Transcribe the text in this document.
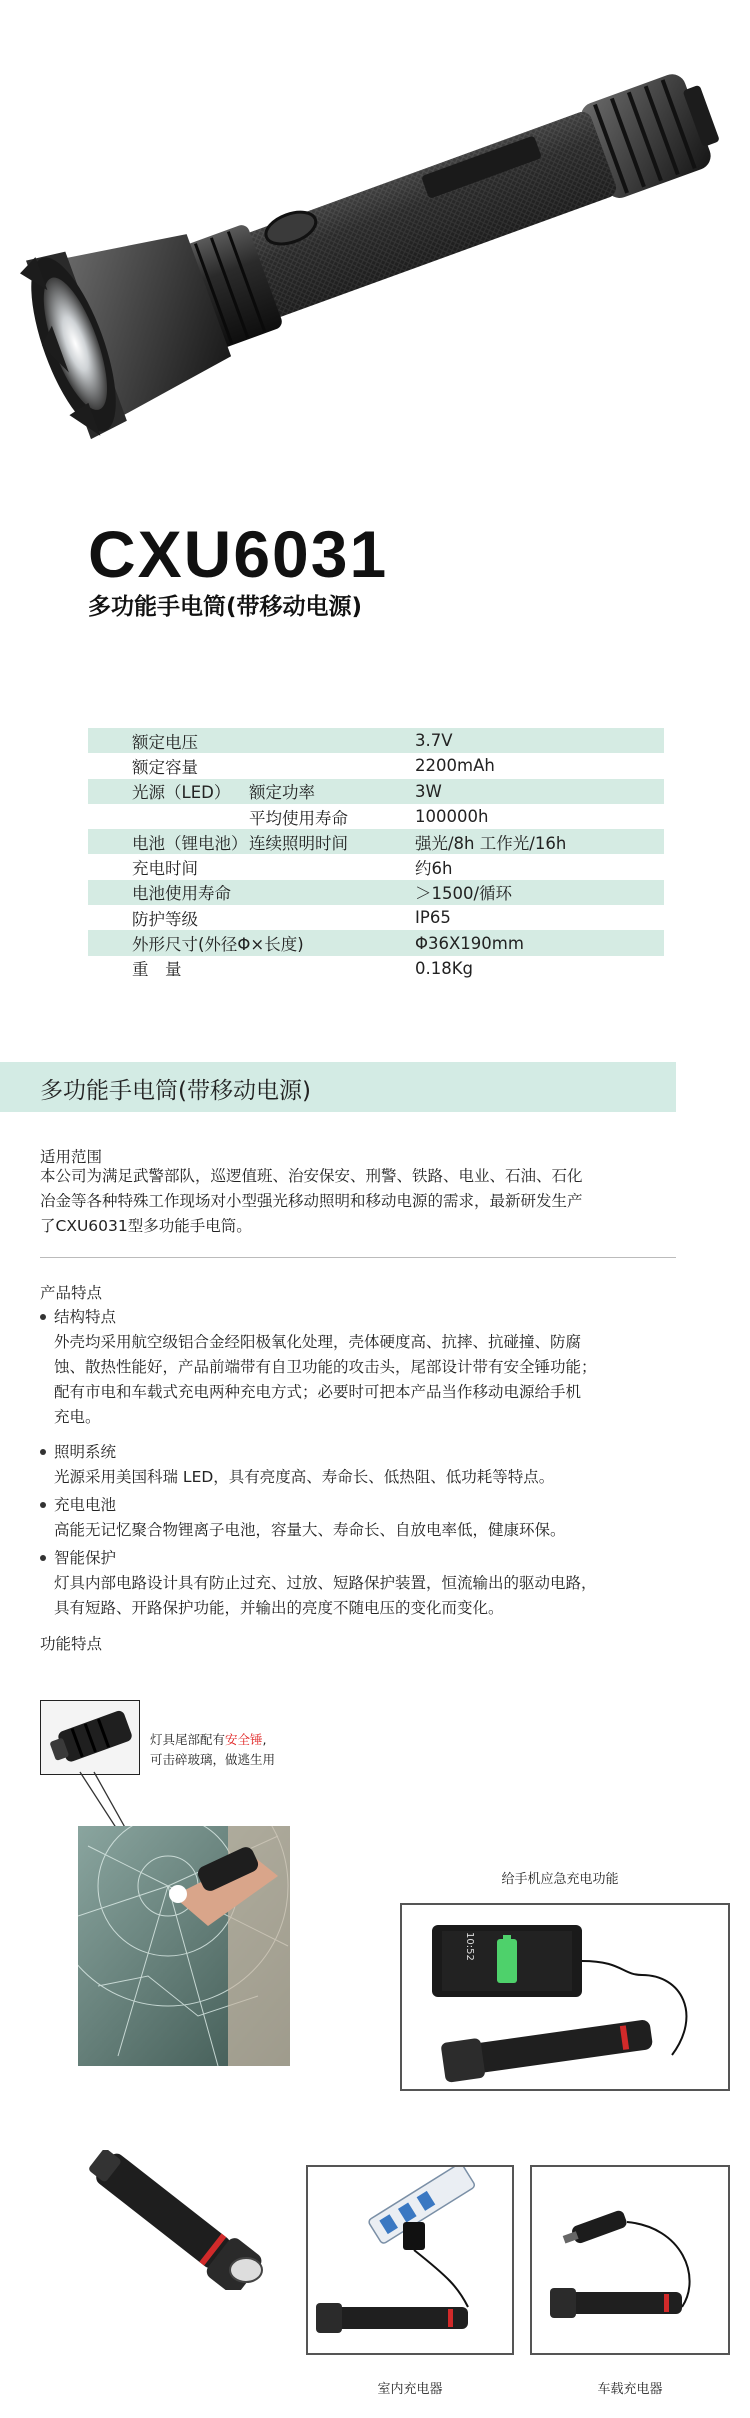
CXU6031
多功能手电筒(带移动电源)
额定电压		3.7V
额定容量		2200mAh
光源（LED）	额定功率	3W
	平均使用寿命	100000h
电池（锂电池）	连续照明时间	强光/8h 工作光/16h
充电时间		约6h
电池使用寿命		＞1500/循环
防护等级		IP65
外形尺寸(外径Φ×长度)		Φ36X190mm
重　量		0.18Kg
多功能手电筒(带移动电源)
适用范围
本公司为满足武警部队，巡逻值班、治安保安、刑警、铁路、电业、石油、石化
冶金等各种特殊工作现场对小型强光移动照明和移动电源的需求，最新研发生产
了CXU6031型多功能手电筒。
产品特点
结构特点
外壳均采用航空级铝合金经阳极氧化处理，壳体硬度高、抗摔、抗碰撞、防腐
蚀、散热性能好，产品前端带有自卫功能的攻击头，尾部设计带有安全锤功能；
配有市电和车载式充电两种充电方式；必要时可把本产品当作移动电源给手机
充电。
照明系统
光源采用美国科瑞 LED，具有亮度高、寿命长、低热阻、低功耗等特点。
充电电池
高能无记忆聚合物锂离子电池，容量大、寿命长、自放电率低，健康环保。
智能保护
灯具内部电路设计具有防止过充、过放、短路保护装置，恒流输出的驱动电路，
具有短路、开路保护功能，并输出的亮度不随电压的变化而变化。
功能特点
灯具尾部配有安全锤,
可击碎玻璃，做逃生用
给手机应急充电功能
10:52
室内充电器	车载充电器
